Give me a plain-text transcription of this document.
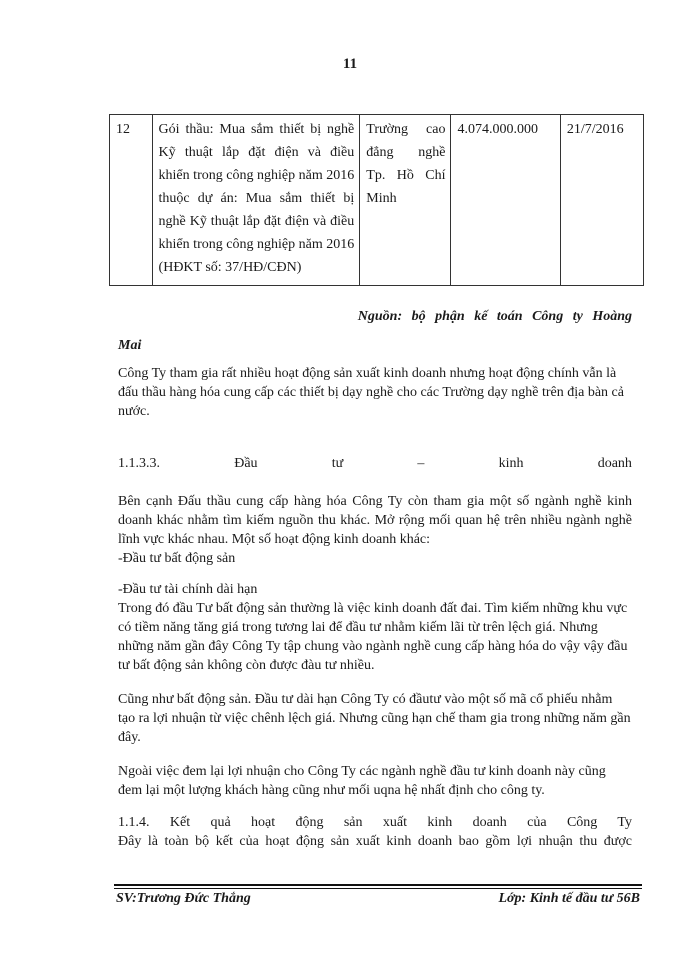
11
12	Gói thầu: Mua sắm thiết bị nghề Kỹ thuật lắp đặt điện và điều khiển trong công nghiệp năm 2016 thuộc dự án: Mua sắm thiết bị nghề Kỹ thuật lắp đặt điện và điều khiển trong công nghiệp năm 2016 (HĐKT số: 37/HĐ/CĐN)	Trường cao đẳng nghề Tp. Hồ Chí Minh	4.074.000.000	21/7/2016
Nguồn: bộ phận kế toán Công ty Hoàng
Mai

Công Ty tham gia rất nhiều hoạt động sản xuất kinh doanh nhưng hoạt động chính vẫn là đấu thầu hàng hóa cung cấp các thiết bị dạy nghề cho các Trường dạy nghề trên địa bàn cả nước.

1.1.3.3.	Đầu	tư	–	kinh	doanh
Bên cạnh Đấu thầu cung cấp hàng hóa Công Ty còn tham gia một số ngành nghề kinh doanh khác nhằm tìm kiếm nguồn thu khác. Mở rộng mối quan hệ trên nhiều ngành nghề lĩnh vực khác nhau. Một số hoạt động kinh doanh khác:
-Đầu tư bất động sản
-Đầu tư tài chính dài hạn
Trong đó đầu Tư bất động sản thường là việc kinh doanh đất đai. Tìm kiếm những khu vực có tiềm năng tăng giá trong tương lai để đầu tư nhằm kiếm lãi từ trên lệch giá. Nhưng những năm gần đây Công Ty tập chung vào ngành nghề cung cấp hàng hóa do vậy vậy đầu tư bất động sản không còn được đàu tư nhiều.

Cũng như bất động sản. Đầu tư dài hạn Công Ty có đầutư vào một số mã cổ phiếu nhằm tạo ra lợi nhuận từ việc chênh lệch giá. Nhưng cũng hạn chế tham gia trong những năm gần đây.

Ngoài việc đem lại lợi nhuận cho Công Ty các ngành nghề đầu tư kinh doanh này cũng đem lại một lượng khách hàng cũng như mối uqna hệ nhất định cho công ty.

1.1.4. Kết quả hoạt động sản xuất kinh doanh của Công Ty
Đây là toàn bộ kết của hoạt động sản xuất kinh doanh bao gồm lợi nhuận thu được
SV:Trương Đức Thắng	Lớp: Kinh tế đầu tư 56B
